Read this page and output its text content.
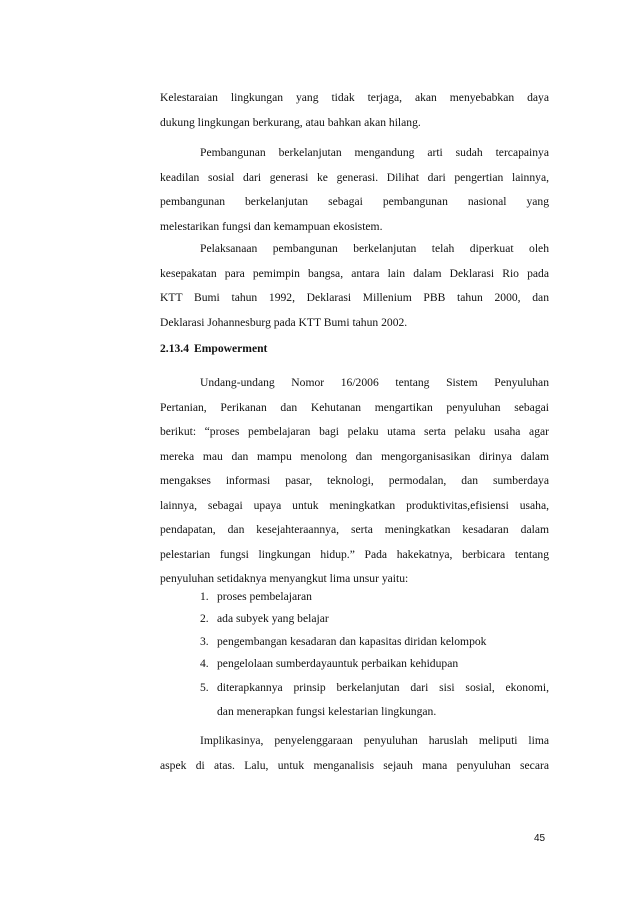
Kelestaraian lingkungan yang tidak terjaga, akan menyebabkan daya
dukung lingkungan berkurang, atau bahkan akan hilang.

Pembangunan berkelanjutan mengandung arti sudah tercapainya
keadilan sosial dari generasi ke generasi. Dilihat dari pengertian lainnya,
pembangunan berkelanjutan sebagai pembangunan nasional yang
melestarikan fungsi dan kemampuan ekosistem.

Pelaksanaan pembangunan berkelanjutan telah diperkuat oleh
kesepakatan para pemimpin bangsa, antara lain dalam Deklarasi Rio pada
KTT Bumi tahun 1992, Deklarasi Millenium PBB tahun 2000, dan
Deklarasi Johannesburg pada KTT Bumi tahun 2002.

2.13.4 Empowerment

Undang-undang Nomor 16/2006 tentang Sistem Penyuluhan
Pertanian, Perikanan dan Kehutanan mengartikan penyuluhan sebagai
berikut: “proses pembelajaran bagi pelaku utama serta pelaku usaha agar
mereka mau dan mampu menolong dan mengorganisasikan dirinya dalam
mengakses informasi pasar, teknologi, permodalan, dan sumberdaya
lainnya, sebagai upaya untuk meningkatkan produktivitas,efisiensi usaha,
pendapatan, dan kesejahteraannya, serta meningkatkan kesadaran dalam
pelestarian fungsi lingkungan hidup.” Pada hakekatnya, berbicara tentang
penyuluhan setidaknya menyangkut lima unsur yaitu:

1. proses pembelajaran
2. ada subyek yang belajar
3. pengembangan kesadaran dan kapasitas diridan kelompok
4. pengelolaan sumberdayauntuk perbaikan kehidupan
5. diterapkannya prinsip berkelanjutan dari sisi sosial, ekonomi,
dan menerapkan fungsi kelestarian lingkungan.

Implikasinya, penyelenggaraan penyuluhan haruslah meliputi lima
aspek di atas. Lalu, untuk menganalisis sejauh mana penyuluhan secara

45
